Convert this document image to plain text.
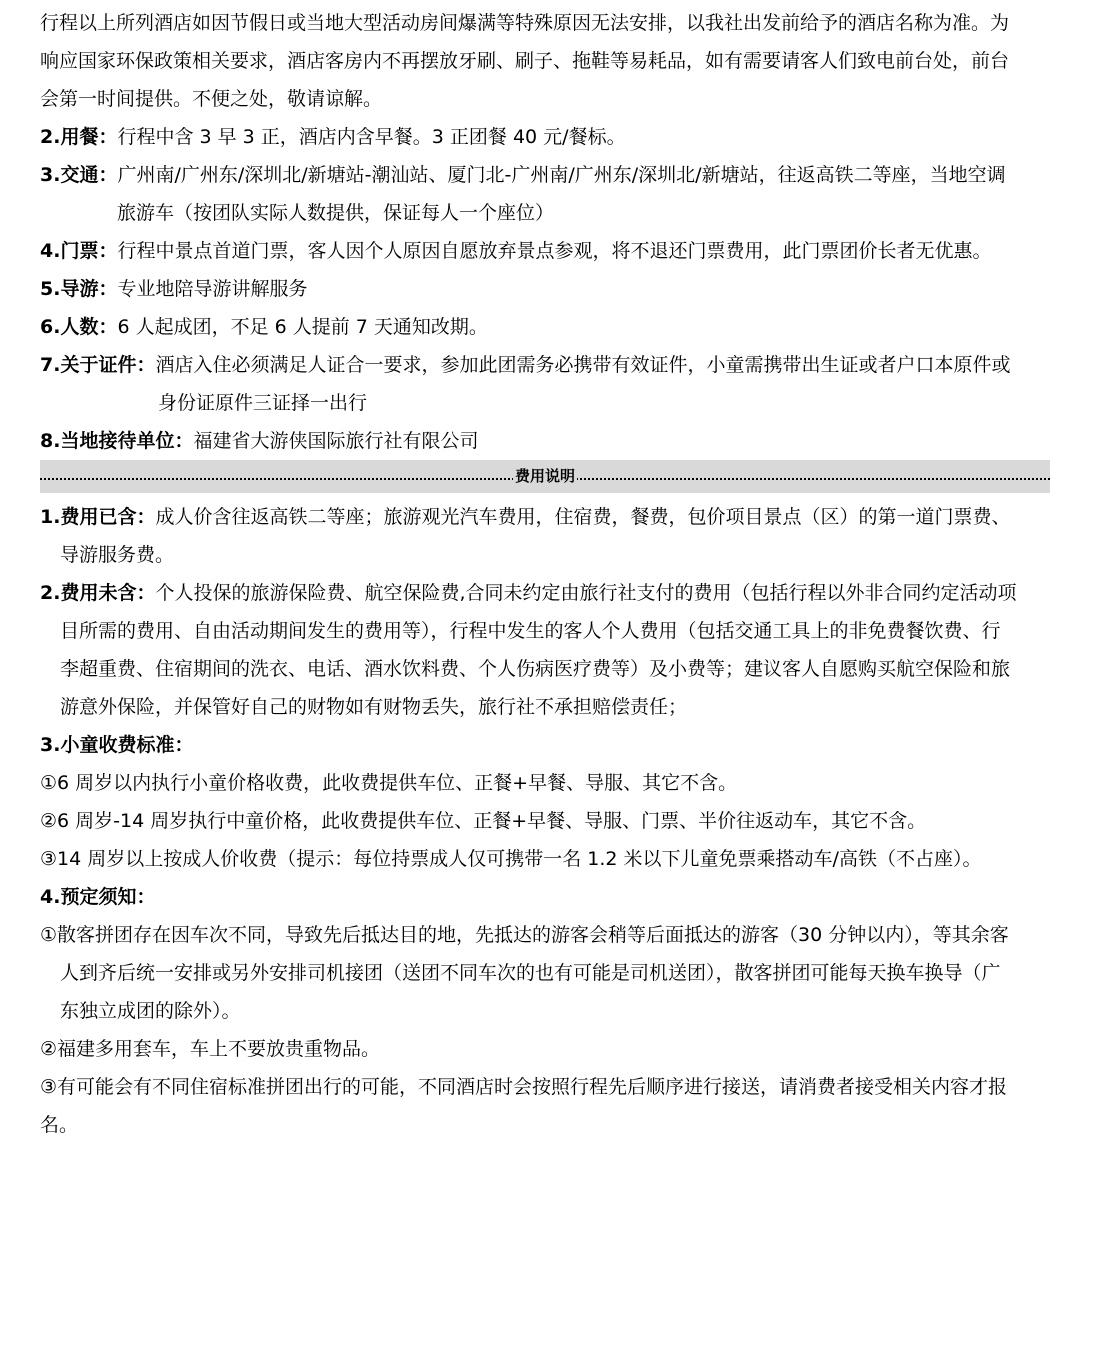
行程以上所列酒店如因节假日或当地大型活动房间爆满等特殊原因无法安排，以我社出发前给予的酒店名称为准。为
响应国家环保政策相关要求，酒店客房内不再摆放牙刷、刷子、拖鞋等易耗品，如有需要请客人们致电前台处，前台
会第一时间提供。不便之处，敬请谅解。
2.用餐：行程中含 3 早 3 正，酒店内含早餐。3 正团餐 40 元/餐标。
3.交通：广州南/广州东/深圳北/新塘站-潮汕站、厦门北-广州南/广州东/深圳北/新塘站，往返高铁二等座，当地空调
旅游车（按团队实际人数提供，保证每人一个座位）
4.门票：行程中景点首道门票，客人因个人原因自愿放弃景点参观，将不退还门票费用，此门票团价长者无优惠。
5.导游：专业地陪导游讲解服务
6.人数：6 人起成团，不足 6 人提前 7 天通知改期。
7.关于证件：酒店入住必须满足人证合一要求，参加此团需务必携带有效证件，小童需携带出生证或者户口本原件或
身份证原件三证择一出行
8.当地接待单位：福建省大游侠国际旅行社有限公司
费用说明
1.费用已含：成人价含往返高铁二等座；旅游观光汽车费用，住宿费，餐费，包价项目景点（区）的第一道门票费、
导游服务费。
2.费用未含：个人投保的旅游保险费、航空保险费,合同未约定由旅行社支付的费用（包括行程以外非合同约定活动项
目所需的费用、自由活动期间发生的费用等），行程中发生的客人个人费用（包括交通工具上的非免费餐饮费、行
李超重费、住宿期间的洗衣、电话、酒水饮料费、个人伤病医疗费等）及小费等；建议客人自愿购买航空保险和旅
游意外保险，并保管好自己的财物如有财物丢失，旅行社不承担赔偿责任；
3.小童收费标准：
①6 周岁以内执行小童价格收费，此收费提供车位、正餐+早餐、导服、其它不含。
②6 周岁-14 周岁执行中童价格，此收费提供车位、正餐+早餐、导服、门票、半价往返动车，其它不含。
③14 周岁以上按成人价收费（提示：每位持票成人仅可携带一名 1.2 米以下儿童免票乘搭动车/高铁（不占座）。
4.预定须知：
①散客拼团存在因车次不同，导致先后抵达目的地，先抵达的游客会稍等后面抵达的游客（30 分钟以内），等其余客
人到齐后统一安排或另外安排司机接团（送团不同车次的也有可能是司机送团），散客拼团可能每天换车换导（广
东独立成团的除外）。
②福建多用套车，车上不要放贵重物品。
③有可能会有不同住宿标准拼团出行的可能，不同酒店时会按照行程先后顺序进行接送，请消费者接受相关内容才报
名。
